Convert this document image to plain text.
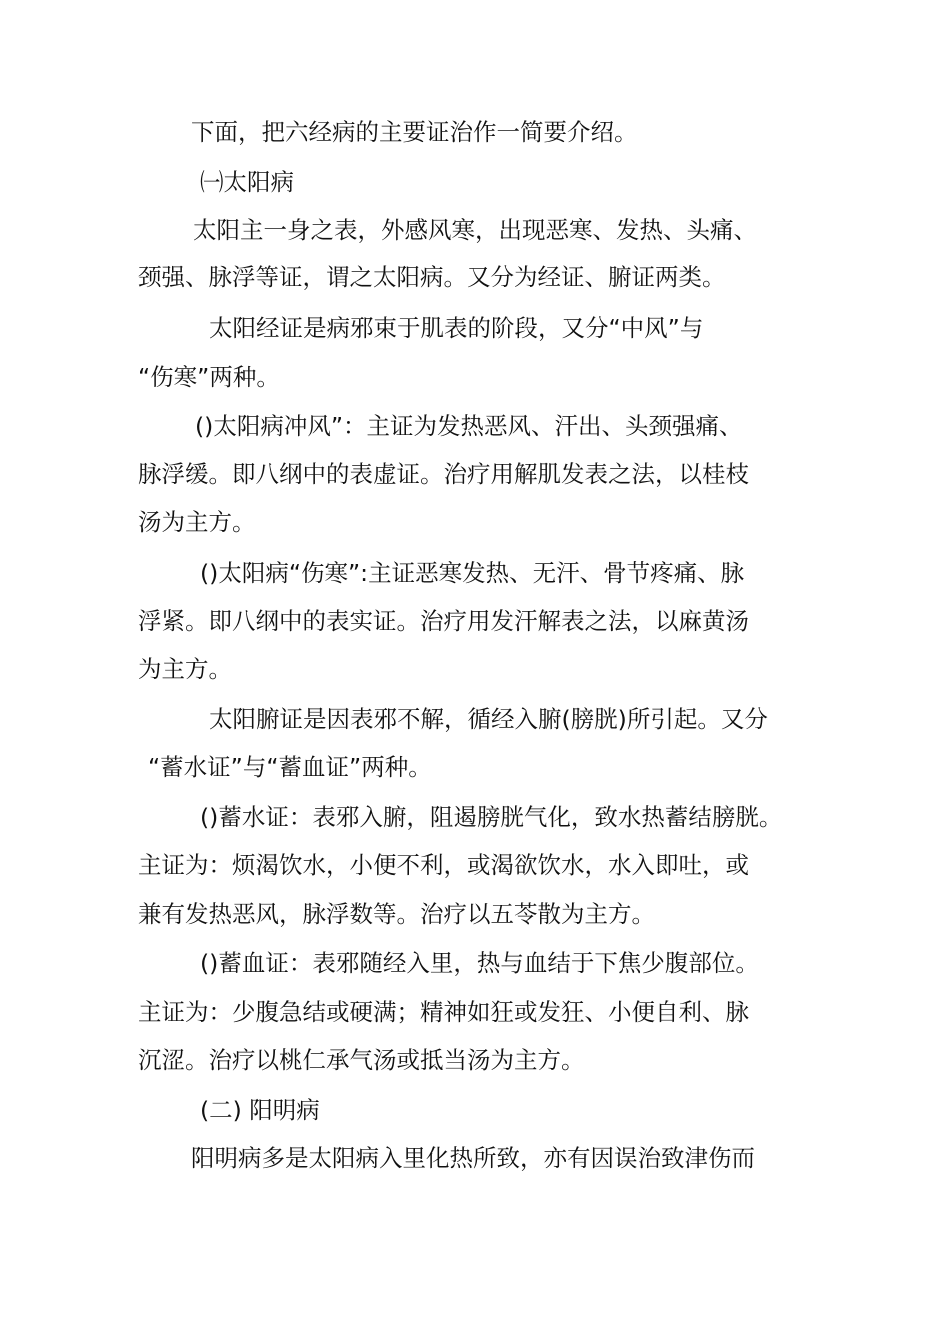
下面，把六经病的主要证治作一简要介绍。
㈠太阳病
太阳主一身之表，外感风寒，出现恶寒、发热、头痛、
颈强、脉浮等证，谓之太阳病。又分为经证、腑证两类。
太阳经证是病邪束于肌表的阶段，又分“中风”与
“伤寒”两种。
()太阳病冲风”：主证为发热恶风、汗出、头颈强痛、
脉浮缓。即八纲中的表虚证。治疗用解肌发表之法，以桂枝
汤为主方。
()太阳病“伤寒”:主证恶寒发热、无汗、骨节疼痛、脉
浮紧。即八纲中的表实证。治疗用发汗解表之法，以麻黄汤
为主方。
太阳腑证是因表邪不解，循经入腑(膀胱)所引起。又分
“蓄水证”与“蓄血证”两种。
()蓄水证：表邪入腑，阻遏膀胱气化，致水热蓄结膀胱。
主证为：烦渴饮水，小便不利，或渴欲饮水，水入即吐，或
兼有发热恶风，脉浮数等。治疗以五苓散为主方。
()蓄血证：表邪随经入里，热与血结于下焦少腹部位。
主证为：少腹急结或硬满；精神如狂或发狂、小便自利、脉
沉涩。治疗以桃仁承气汤或抵当汤为主方。
(二) 阳明病
阳明病多是太阳病入里化热所致，亦有因误治致津伤而
